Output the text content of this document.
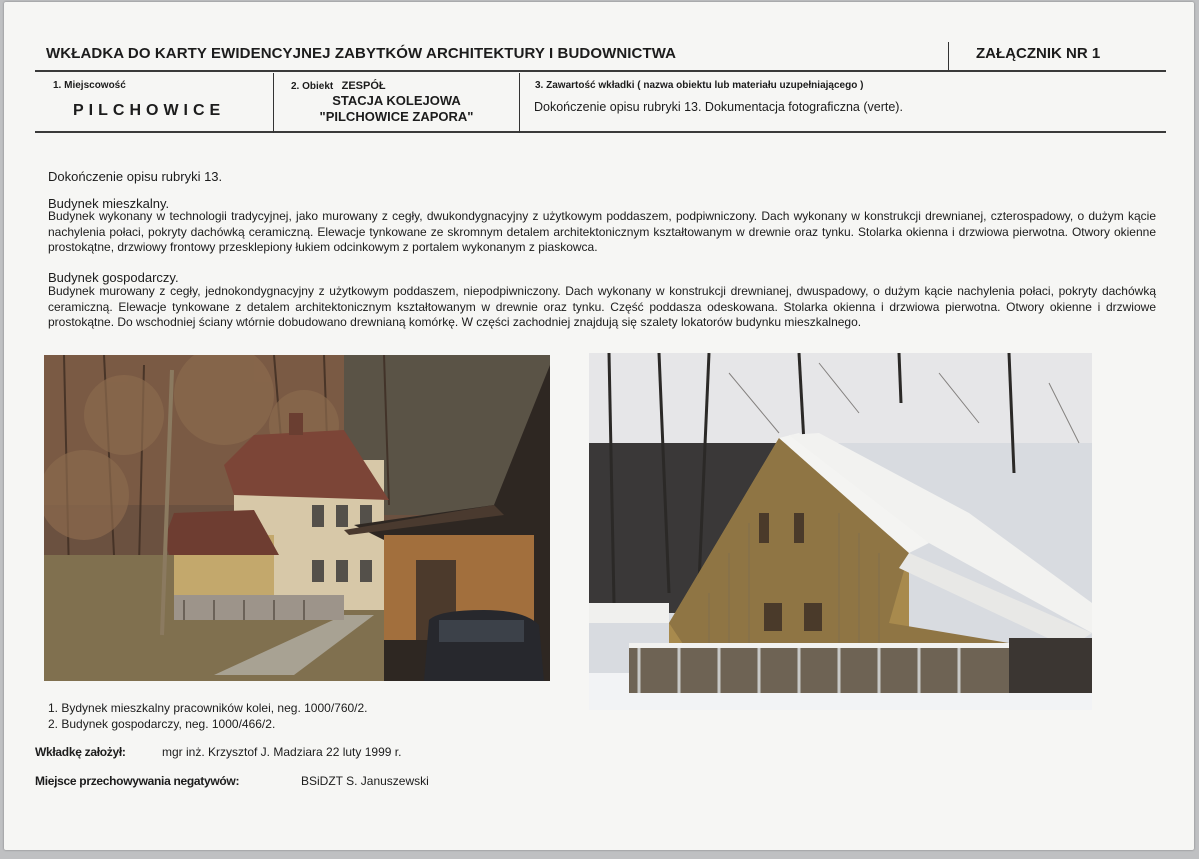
WKŁADKA DO KARTY EWIDENCYJNEJ ZABYTKÓW ARCHITEKTURY I BUDOWNICTWA	ZAŁĄCZNIK NR 1
1. Miejscowość
PILCHOWICE
2. Obiekt ZESPÓŁ
STACJA KOLEJOWA
"PILCHOWICE ZAPORA"
3. Zawartość wkładki ( nazwa obiektu lub materiału uzupełniającego )
Dokończenie opisu rubryki 13. Dokumentacja fotograficzna (verte).
Dokończenie opisu rubryki 13.
Budynek mieszkalny.
Budynek wykonany w technologii tradycyjnej, jako murowany z cegły, dwukondygnacyjny z użytkowym poddaszem, podpiwniczony. Dach wykonany w konstrukcji drewnianej, czterospadowy, o dużym kącie nachylenia połaci, pokryty dachówką ceramiczną. Elewacje tynkowane ze skromnym detalem architektonicznym kształtowanym w drewnie oraz tynku. Stolarka okienna i drzwiowa pierwotna. Otwory okienne prostokątne, drzwiowy frontowy przesklepiony łukiem odcinkowym z portalem wykonanym z piaskowca.
Budynek gospodarczy.
Budynek murowany z cegły, jednokondygnacyjny z użytkowym poddaszem, niepodpiwniczony. Dach wykonany w konstrukcji drewnianej, dwuspadowy, o dużym kącie nachylenia połaci, pokryty dachówką ceramiczną. Elewacje tynkowane z detalem architektonicznym kształtowanym w drewnie oraz tynku. Część poddasza odeskowana. Stolarka okienna i drzwiowa pierwotna. Otwory okienne i drzwiowe prostokątne. Do wschodniej ściany wtórnie dobudowano drewnianą komórkę. W części zachodniej znajdują się szalety lokatorów budynku mieszkalnego.
1. Bydynek mieszkalny pracowników kolei, neg. 1000/760/2.
2. Budynek gospodarczy, neg. 1000/466/2.
Wkładkę założył:	mgr inż. Krzysztof J. Madziara 22 luty 1999 r.
Miejsce przechowywania negatywów:	BSiDZT S. Januszewski
